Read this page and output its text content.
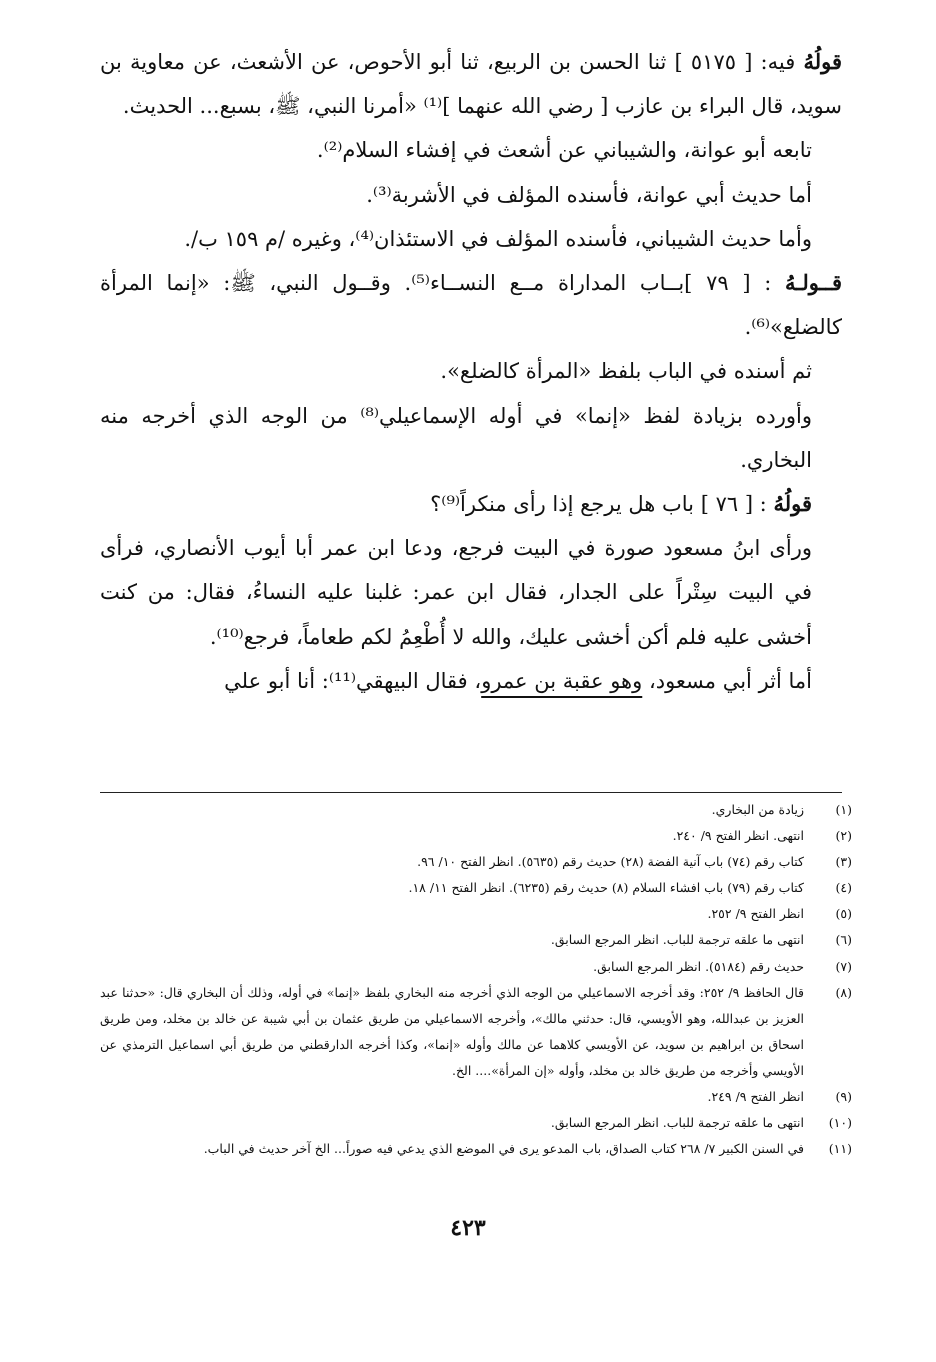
قولُهُ فيه: [ ٥١٧٥ ] ثنا الحسن بن الربيع، ثنا أبو الأحوص، عن الأشعث، عن معاوية بن سويد، قال البراء بن عازب [ رضي الله عنهما ]⁽¹⁾ «أمرنا النبي، ﷺ، بسبع... الحديث.

تابعه أبو عوانة، والشيباني عن أشعث في إفشاء السلام⁽²⁾.

أما حديث أبي عوانة، فأسنده المؤلف في الأشربة⁽³⁾.

وأما حديث الشيباني، فأسنده المؤلف في الاستئذان⁽⁴⁾، وغيره /م ١٥٩ ب/.

قــولـهُ : [ ٧٩ ]بــاب المداراة مــع النســاء⁽⁵⁾. وقــول النبي، ﷺ: «إنما المرأة كالضلع»⁽⁶⁾.

ثم أسنده في الباب بلفظ «المرأة كالضلع».

وأورده بزيادة لفظ «إنما» في أوله الإسماعيلي⁽⁸⁾ من الوجه الذي أخرجه منه البخاري.

قولُهُ : [ ٧٦ ] باب هل يرجع إذا رأى منكراً⁽⁹⁾؟

ورأى ابنُ مسعود صورة في البيت فرجع، ودعا ابن عمر أبا أيوب الأنصاري، فرأى في البيت سِتْراً على الجدار، فقال ابن عمر: غلبنا عليه النساءُ، فقال: من كنت أخشى عليه فلم أكن أخشى عليك، والله لا أُطْعِمُ لكم طعاماً، فرجع⁽¹⁰⁾.

أما أثر أبي مسعود، وهو عقبة بن عمرو، فقال البيهقي⁽¹¹⁾: أنا أبو علي

(١)
زيادة من البخاري.
(٢)
انتهى. انظر الفتح ٩/ ٢٤٠.
(٣)
كتاب رقم (٧٤) باب آنية الفضة (٢٨) حديث رقم (٥٦٣٥). انظر الفتح ١٠/ ٩٦.
(٤)
كتاب رقم (٧٩) باب افشاء السلام (٨) حديث رقم (٦٢٣٥). انظر الفتح ١١/ ١٨.
(٥)
انظر الفتح ٩/ ٢٥٢.
(٦)
انتهى ما علقه ترجمة للباب. انظر المرجع السابق.
(٧)
حديث رقم (٥١٨٤). انظر المرجع السابق.
(٨)
قال الحافظ ٩/ ٢٥٢: وقد أخرجه الاسماعيلي من الوجه الذي أخرجه منه البخاري بلفظ «إنما» في أوله، وذلك أن البخاري قال: «حدثنا عبد العزيز بن عبدالله، وهو الأويسي، قال: حدثني مالك»، وأخرجه الاسماعيلي من طريق عثمان بن أبي شيبة عن خالد بن مخلد، ومن طريق اسحاق بن ابراهيم بن سويد، عن الأويسي كلاهما عن مالك وأوله «إنما»، وكذا أخرجه الدارقطني من طريق أبي اسماعيل الترمذي عن الأويسي وأخرجه من طريق خالد بن مخلد، وأوله «إن المرأة».... الخ.
(٩)
انظر الفتح ٩/ ٢٤٩.
(١٠)
انتهى ما علقه ترجمة للباب. انظر المرجع السابق.
(١١)
في السنن الكبير ٧/ ٢٦٨ كتاب الصداق، باب المدعو يرى في الموضع الذي يدعي فيه صوراً... الخ آخر حديث في الباب.
٤٢٣
